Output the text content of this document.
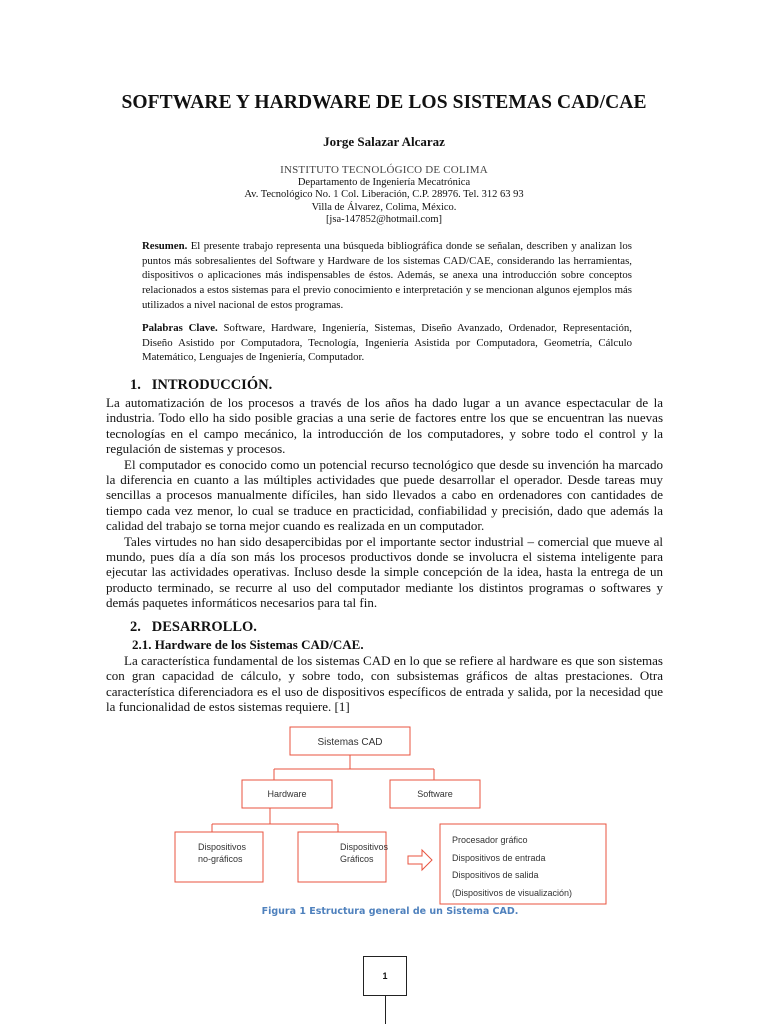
SOFTWARE Y HARDWARE DE LOS SISTEMAS CAD/CAE
Jorge Salazar Alcaraz
INSTITUTO TECNOLÓGICO DE COLIMA
Departamento de Ingeniería Mecatrónica
Av. Tecnológico No. 1 Col. Liberación, C.P. 28976. Tel. 312 63 93
Villa de Álvarez, Colima, México.
[jsa-147852@hotmail.com]
Resumen. El presente trabajo representa una búsqueda bibliográfica donde se señalan, describen y analizan los puntos más sobresalientes del Software y Hardware de los sistemas CAD/CAE, considerando las herramientas, dispositivos o aplicaciones más indispensables de éstos. Además, se anexa una introducción sobre conceptos relacionados a estos sistemas para el previo conocimiento e interpretación y se mencionan algunos ejemplos más utilizados a nivel nacional de estos programas.
Palabras Clave. Software, Hardware, Ingeniería, Sistemas, Diseño Avanzado, Ordenador, Representación, Diseño Asistido por Computadora, Tecnología, Ingeniería Asistida por Computadora, Geometría, Cálculo Matemático, Lenguajes de Ingeniería, Computador.
1.  INTRODUCCIÓN.

La automatización de los procesos a través de los años ha dado lugar a un avance espectacular de la industria. Todo ello ha sido posible gracias a una serie de factores entre los que se encuentran las nuevas tecnologías en el campo mecánico, la introducción de los computadores, y sobre todo el control y la regulación de sistemas y procesos.

El computador es conocido como un potencial recurso tecnológico que desde su invención ha marcado la diferencia en cuanto a las múltiples actividades que puede desarrollar el operador. Desde tareas muy sencillas a procesos manualmente difíciles, han sido llevados a cabo en ordenadores con cantidades de tiempo cada vez menor, lo cual se traduce en practicidad, confiabilidad y precisión, dado que además la calidad del trabajo se torna mejor cuando es realizada en un computador.

Tales virtudes no han sido desapercibidas por el importante sector industrial – comercial que mueve al mundo, pues día a día son más los procesos productivos donde se involucra el sistema inteligente para ejecutar las actividades operativas. Incluso desde la simple concepción de la idea, hasta la entrega de un producto terminado, se recurre al uso del computador mediante los distintos programas o softwares y demás paquetes informáticos necesarios para tal fin.

2.  DESARROLLO.
2.1. Hardware de los Sistemas CAD/CAE.

La característica fundamental de los sistemas CAD en lo que se refiere al hardware es que son sistemas con gran capacidad de cálculo, y sobre todo, con subsistemas gráficos de altas prestaciones. Otra característica diferenciadora es el uso de dispositivos específicos de entrada y salida, por la necesidad que la funcionalidad de estos sistemas requiere. [1]

Sistemas CAD
Hardware	Software
Dispositivos
no-gráficos
Dispositivos
Gráficos
Procesador gráfico
Dispositivos de entrada
Dispositivos de salida
(Dispositivos de visualización)
Figura 1 Estructura general de un Sistema CAD.
1
